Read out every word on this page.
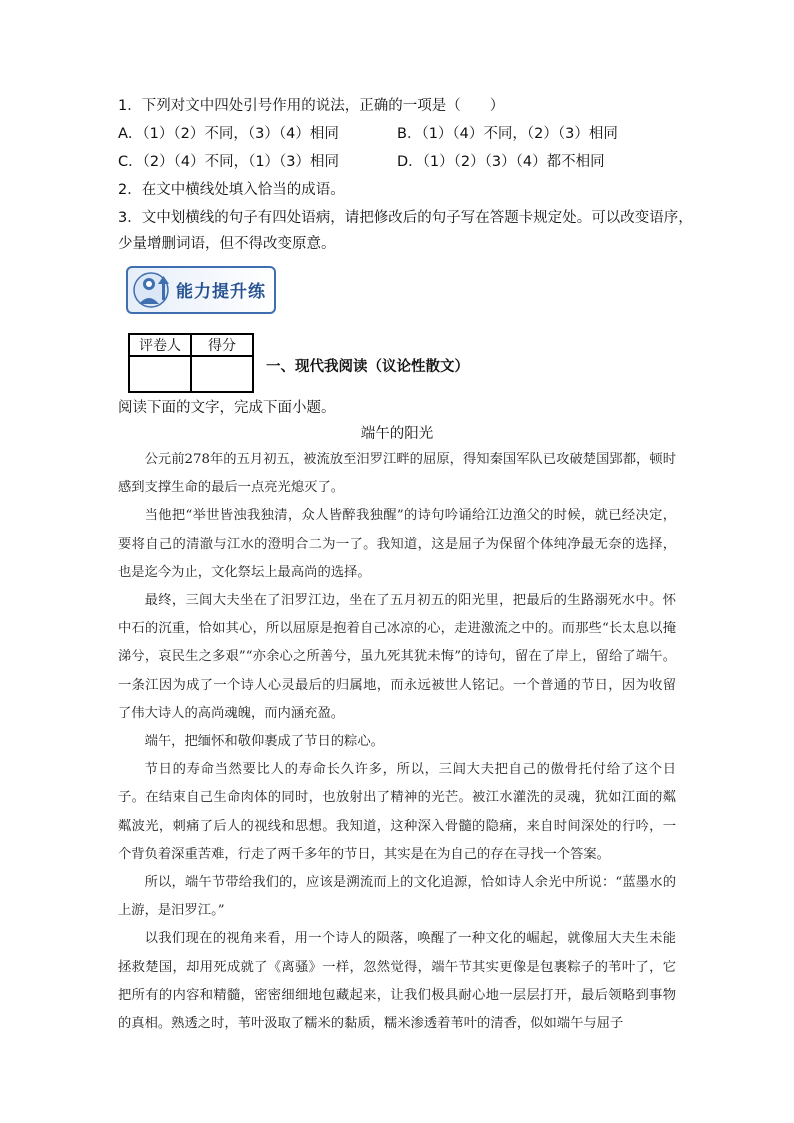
1．下列对文中四处引号作用的说法，正确的一项是（　　）
A．（1）（2）不同，（3）（4）相同	B．（1）（4）不同，（2）（3）相同
C．（2）（4）不同，（1）（3）相同	D．（1）（2）（3）（4）都不相同
2．在文中横线处填入恰当的成语。
3．文中划横线的句子有四处语病，请把修改后的句子写在答题卡规定处。可以改变语序，
少量增删词语，但不得改变原意。
能力提升练
评卷人	得分

一、现代我阅读（议论性散文）
阅读下面的文字，完成下面小题。
端午的阳光

公元前278年的五月初五，被流放至汨罗江畔的屈原，得知秦国军队已攻破楚国郢都，顿时感到支撑生命的最后一点亮光熄灭了。

当他把“举世皆浊我独清，众人皆醉我独醒”的诗句吟诵给江边渔父的时候，就已经决定，要将自己的清澈与江水的澄明合二为一了。我知道，这是屈子为保留个体纯净最无奈的选择，也是迄今为止，文化祭坛上最高尚的选择。

最终，三闾大夫坐在了汨罗江边，坐在了五月初五的阳光里，把最后的生路溺死水中。怀中石的沉重，恰如其心，所以屈原是抱着自己冰凉的心，走进激流之中的。而那些“长太息以掩涕兮，哀民生之多艰”“亦余心之所善兮，虽九死其犹未悔”的诗句，留在了岸上，留给了端午。一条江因为成了一个诗人心灵最后的归属地，而永远被世人铭记。一个普通的节日，因为收留了伟大诗人的高尚魂魄，而内涵充盈。

端午，把缅怀和敬仰裹成了节日的粽心。

节日的寿命当然要比人的寿命长久许多，所以，三闾大夫把自己的傲骨托付给了这个日子。在结束自己生命肉体的同时，也放射出了精神的光芒。被江水灌洗的灵魂，犹如江面的粼粼波光，刺痛了后人的视线和思想。我知道，这种深入骨髓的隐痛，来自时间深处的行吟，一个背负着深重苦难，行走了两千多年的节日，其实是在为自己的存在寻找一个答案。

所以，端午节带给我们的，应该是溯流而上的文化追源，恰如诗人余光中所说：“蓝墨水的上游，是汨罗江。”

以我们现在的视角来看，用一个诗人的陨落，唤醒了一种文化的崛起，就像屈大夫生未能拯救楚国，却用死成就了《离骚》一样，忽然觉得，端午节其实更像是包裹粽子的苇叶了，它把所有的内容和精髓，密密细细地包藏起来，让我们极具耐心地一层层打开，最后领略到事物的真相。熟透之时，苇叶汲取了糯米的黏质，糯米渗透着苇叶的清香，似如端午与屈子
